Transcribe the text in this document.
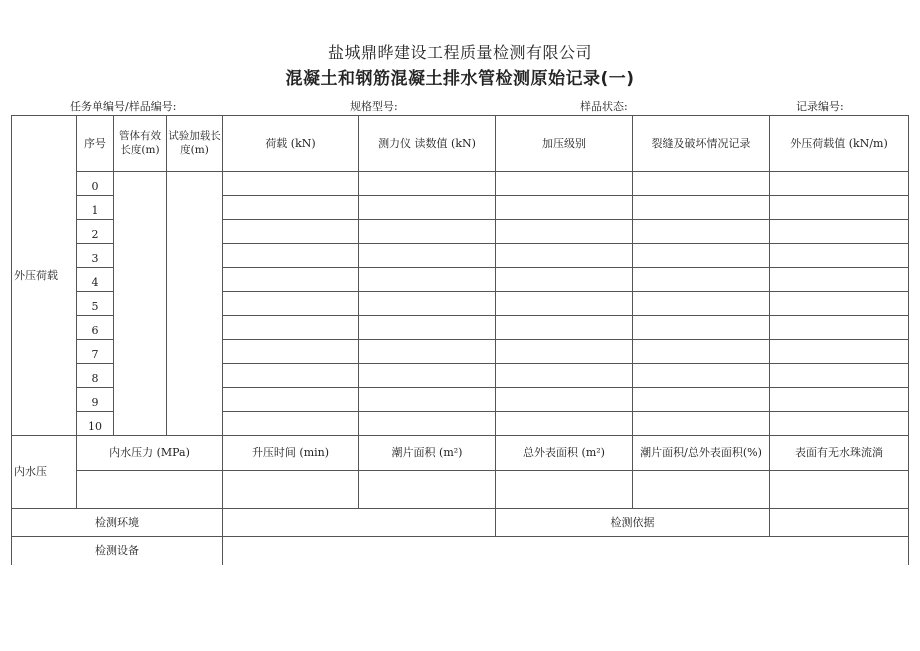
盐城鼎晔建设工程质量检测有限公司
混凝土和钢筋混凝土排水管检测原始记录(一)
任务单编号/样品编号:	规格型号:	样品状态:	记录编号:
外压荷载	序号	管体有效长度(m)	试验加载长度(m)	荷载 (kN)	测力仪 读数值 (kN)	加压级别	裂缝及破坏情况记录	外压荷载值 (kN/m)
	0							
	1							
	2							
	3							
	4							
	5							
	6							
	7							
	8							
	9							
	10							
内水压	内水压力 (MPa)			升压时间 (min)	潮片面积 (m²)	总外表面积 (m²)	潮片面积/总外表面积(%)	表面有无水珠流淌

检测环境						检测依据		
检测设备								
